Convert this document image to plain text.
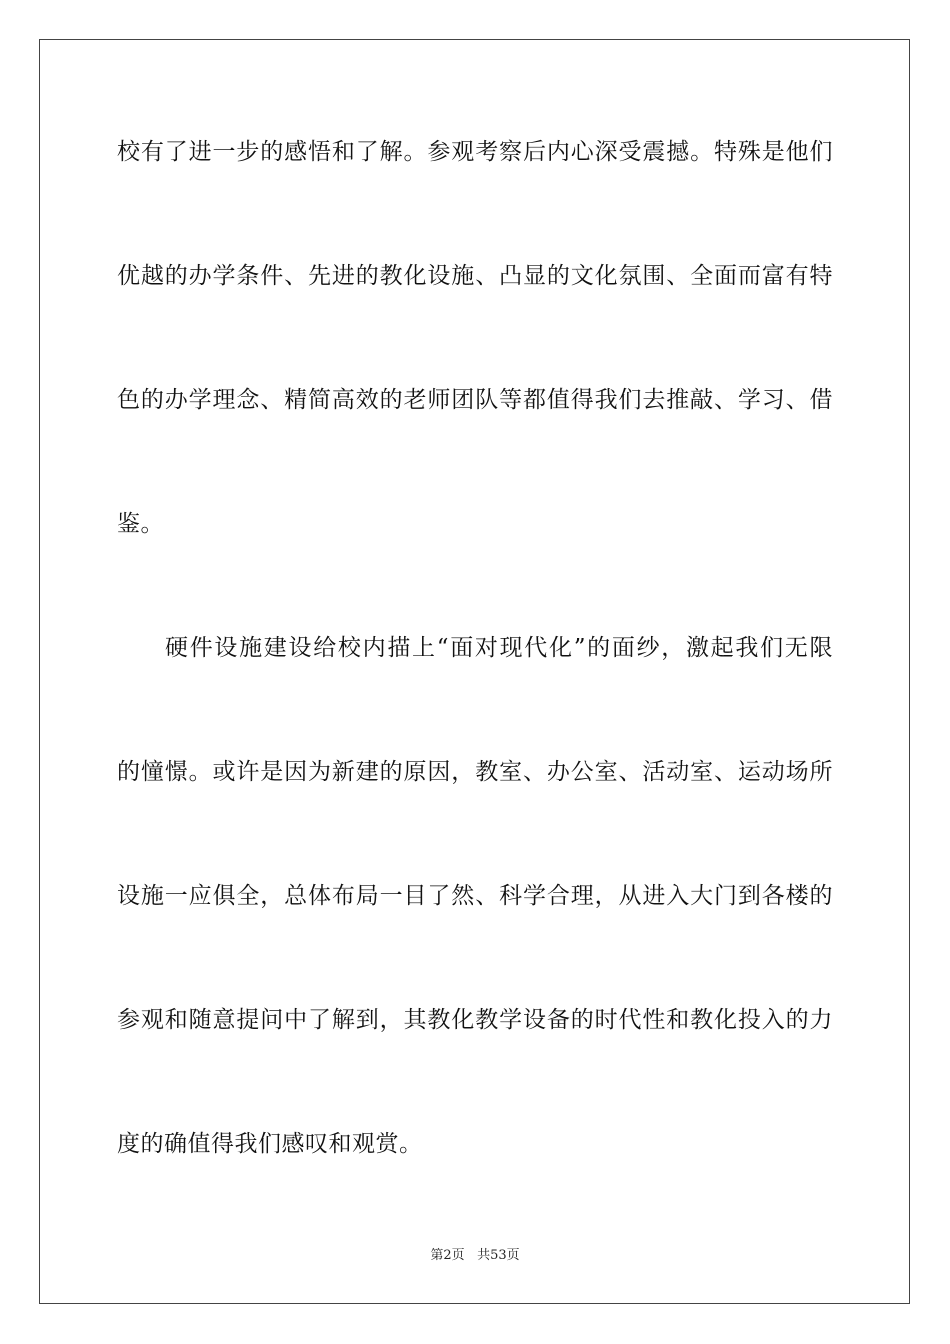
校有了进一步的感悟和了解。参观考察后内心深受震撼。特殊是他们
优越的办学条件、先进的教化设施、凸显的文化氛围、全面而富有特
色的办学理念、精简高效的老师团队等都值得我们去推敲、学习、借
鉴。
硬件设施建设给校内描上“面对现代化”的面纱，激起我们无限
的憧憬。或许是因为新建的原因，教室、办公室、活动室、运动场所
设施一应俱全，总体布局一目了然、科学合理，从进入大门到各楼的
参观和随意提问中了解到，其教化教学设备的时代性和教化投入的力
度的确值得我们感叹和观赏。
第2页 共53页
